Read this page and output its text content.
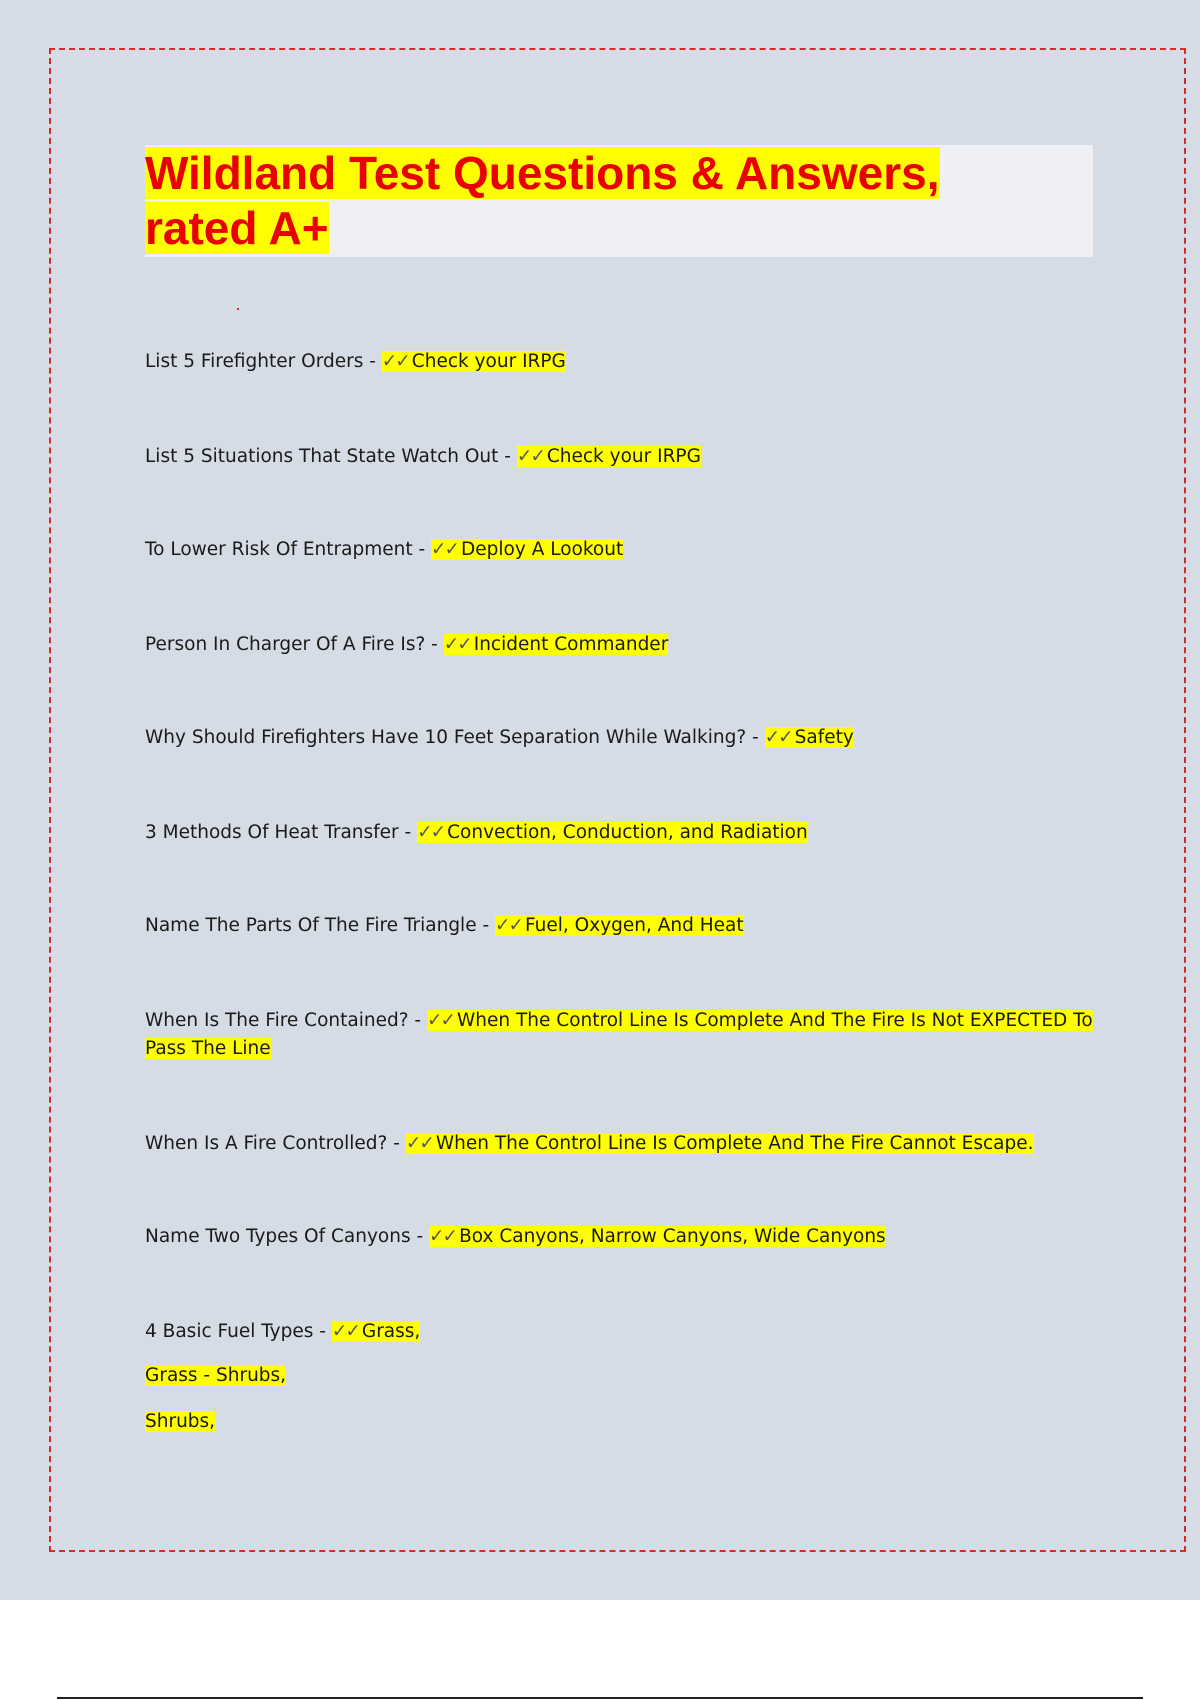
Wildland Test Questions & Answers, rated A+

List 5 Firefighter Orders - ✓✓ Check your IRPG

List 5 Situations That State Watch Out - ✓✓ Check your IRPG

To Lower Risk Of Entrapment - ✓✓ Deploy A Lookout

Person In Charger Of A Fire Is? - ✓✓ Incident Commander

Why Should Firefighters Have 10 Feet Separation While Walking? - ✓✓ Safety

3 Methods Of Heat Transfer - ✓✓ Convection, Conduction, and Radiation

Name The Parts Of The Fire Triangle - ✓✓ Fuel, Oxygen, And Heat

When Is The Fire Contained? - ✓✓ When The Control Line Is Complete And The Fire Is Not EXPECTED To Pass The Line

When Is A Fire Controlled? - ✓✓ When The Control Line Is Complete And The Fire Cannot Escape.

Name Two Types Of Canyons - ✓✓ Box Canyons, Narrow Canyons, Wide Canyons

4 Basic Fuel Types - ✓✓ Grass,

Grass - Shrubs,
Shrubs,
